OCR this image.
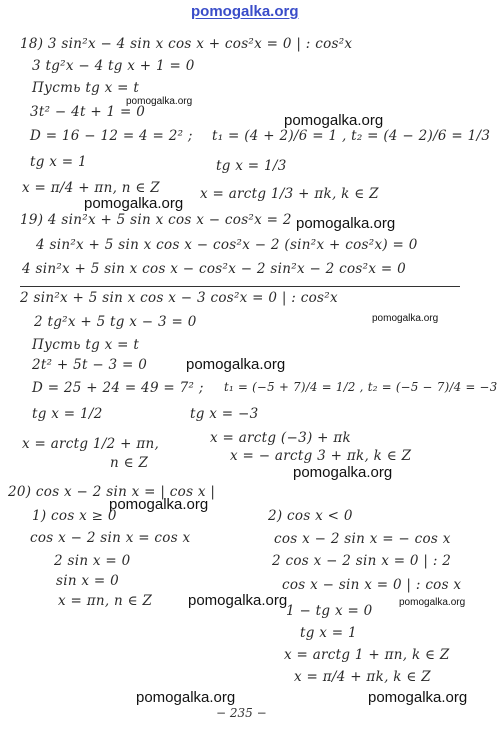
pomogalka.org
pomogalka.org
pomogalka.org
pomogalka.org
pomogalka.org
pomogalka.org
pomogalka.org
pomogalka.org
pomogalka.org
pomogalka.org	pomogalka.org
pomogalka.org	pomogalka.org
18) 3 sin²x − 4 sin x cos x + cos²x = 0 | : cos²x
3 tg²x − 4 tg x + 1 = 0
Пусть tg x = t
3t² − 4t + 1 = 0
D = 16 − 12 = 4 = 2² ; t₁ = (4 + 2)/6 = 1 , t₂ = (4 − 2)/6 = 1/3
tg x = 1	tg x = 1/3
x = π/4 + πn, n ∈ Z	x = arctg 1/3 + πk, k ∈ Z
19) 4 sin²x + 5 sin x cos x − cos²x = 2
4 sin²x + 5 sin x cos x − cos²x − 2 (sin²x + cos²x) = 0
4 sin²x + 5 sin x cos x − cos²x − 2 sin²x − 2 cos²x = 0
2 sin²x + 5 sin x cos x − 3 cos²x = 0 | : cos²x
2 tg²x + 5 tg x − 3 = 0
Пусть tg x = t
2t² + 5t − 3 = 0
D = 25 + 24 = 49 = 7² ; t₁ = (−5 + 7)/4 = 1/2 , t₂ = (−5 − 7)/4 = −3
tg x = 1/2	tg x = −3
x = arctg 1/2 + πn,	x = arctg (−3) + πk
n ∈ Z	x = − arctg 3 + πk, k ∈ Z
20) cos x − 2 sin x = | cos x |
1) cos x ≥ 0
cos x − 2 sin x = cos x
2 sin x = 0
sin x = 0
x = πn, n ∈ Z
2) cos x < 0
cos x − 2 sin x = − cos x
2 cos x − 2 sin x = 0 | : 2
cos x − sin x = 0 | : cos x
1 − tg x = 0
tg x = 1
x = arctg 1 + πn, k ∈ Z
x = π/4 + πk, k ∈ Z
− 235 −
